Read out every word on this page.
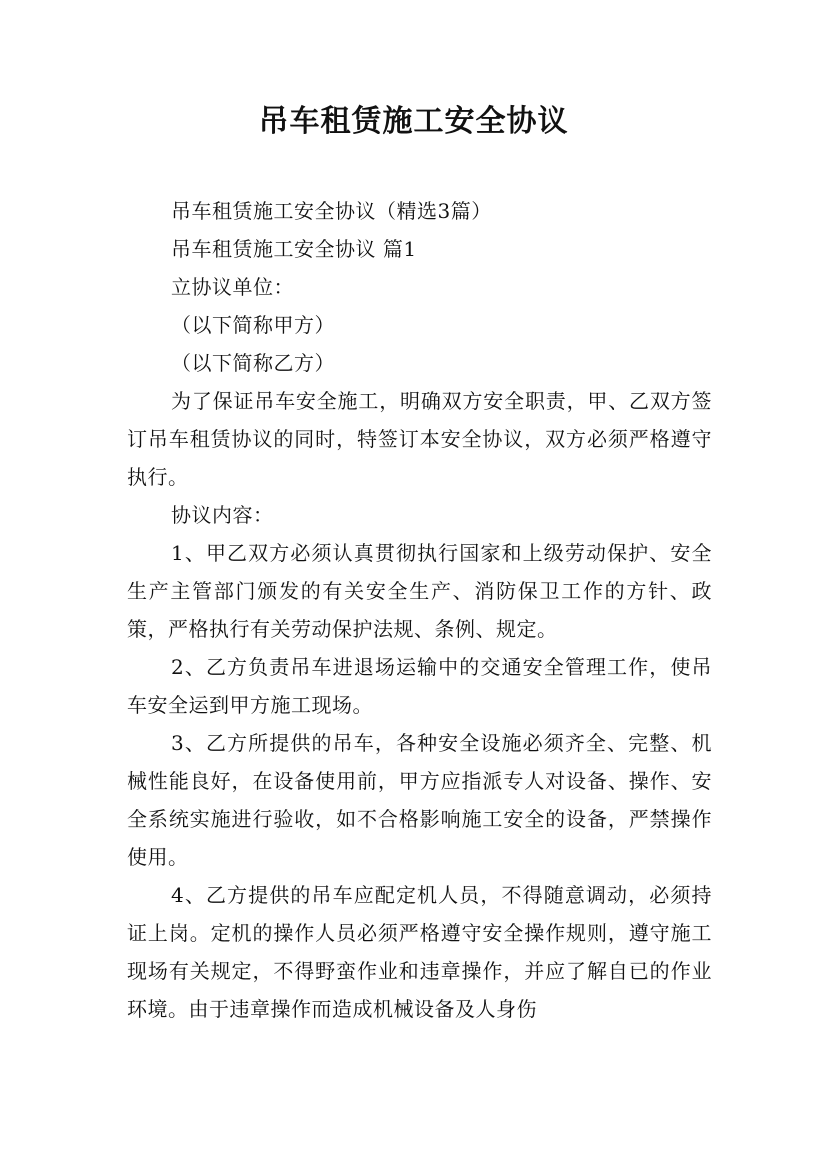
吊车租赁施工安全协议

吊车租赁施工安全协议（精选3篇）

吊车租赁施工安全协议 篇1

立协议单位：

（以下简称甲方）

（以下简称乙方）

为了保证吊车安全施工，明确双方安全职责，甲、乙双方签订吊车租赁协议的同时，特签订本安全协议，双方必须严格遵守执行。

协议内容：

1、甲乙双方必须认真贯彻执行国家和上级劳动保护、安全生产主管部门颁发的有关安全生产、消防保卫工作的方针、政策，严格执行有关劳动保护法规、条例、规定。

2、乙方负责吊车进退场运输中的交通安全管理工作，使吊车安全运到甲方施工现场。

3、乙方所提供的吊车，各种安全设施必须齐全、完整、机械性能良好，在设备使用前，甲方应指派专人对设备、操作、安全系统实施进行验收，如不合格影响施工安全的设备，严禁操作使用。

4、乙方提供的吊车应配定机人员，不得随意调动，必须持证上岗。定机的操作人员必须严格遵守安全操作规则，遵守施工现场有关规定，不得野蛮作业和违章操作，并应了解自已的作业环境。由于违章操作而造成机械设备及人身伤
